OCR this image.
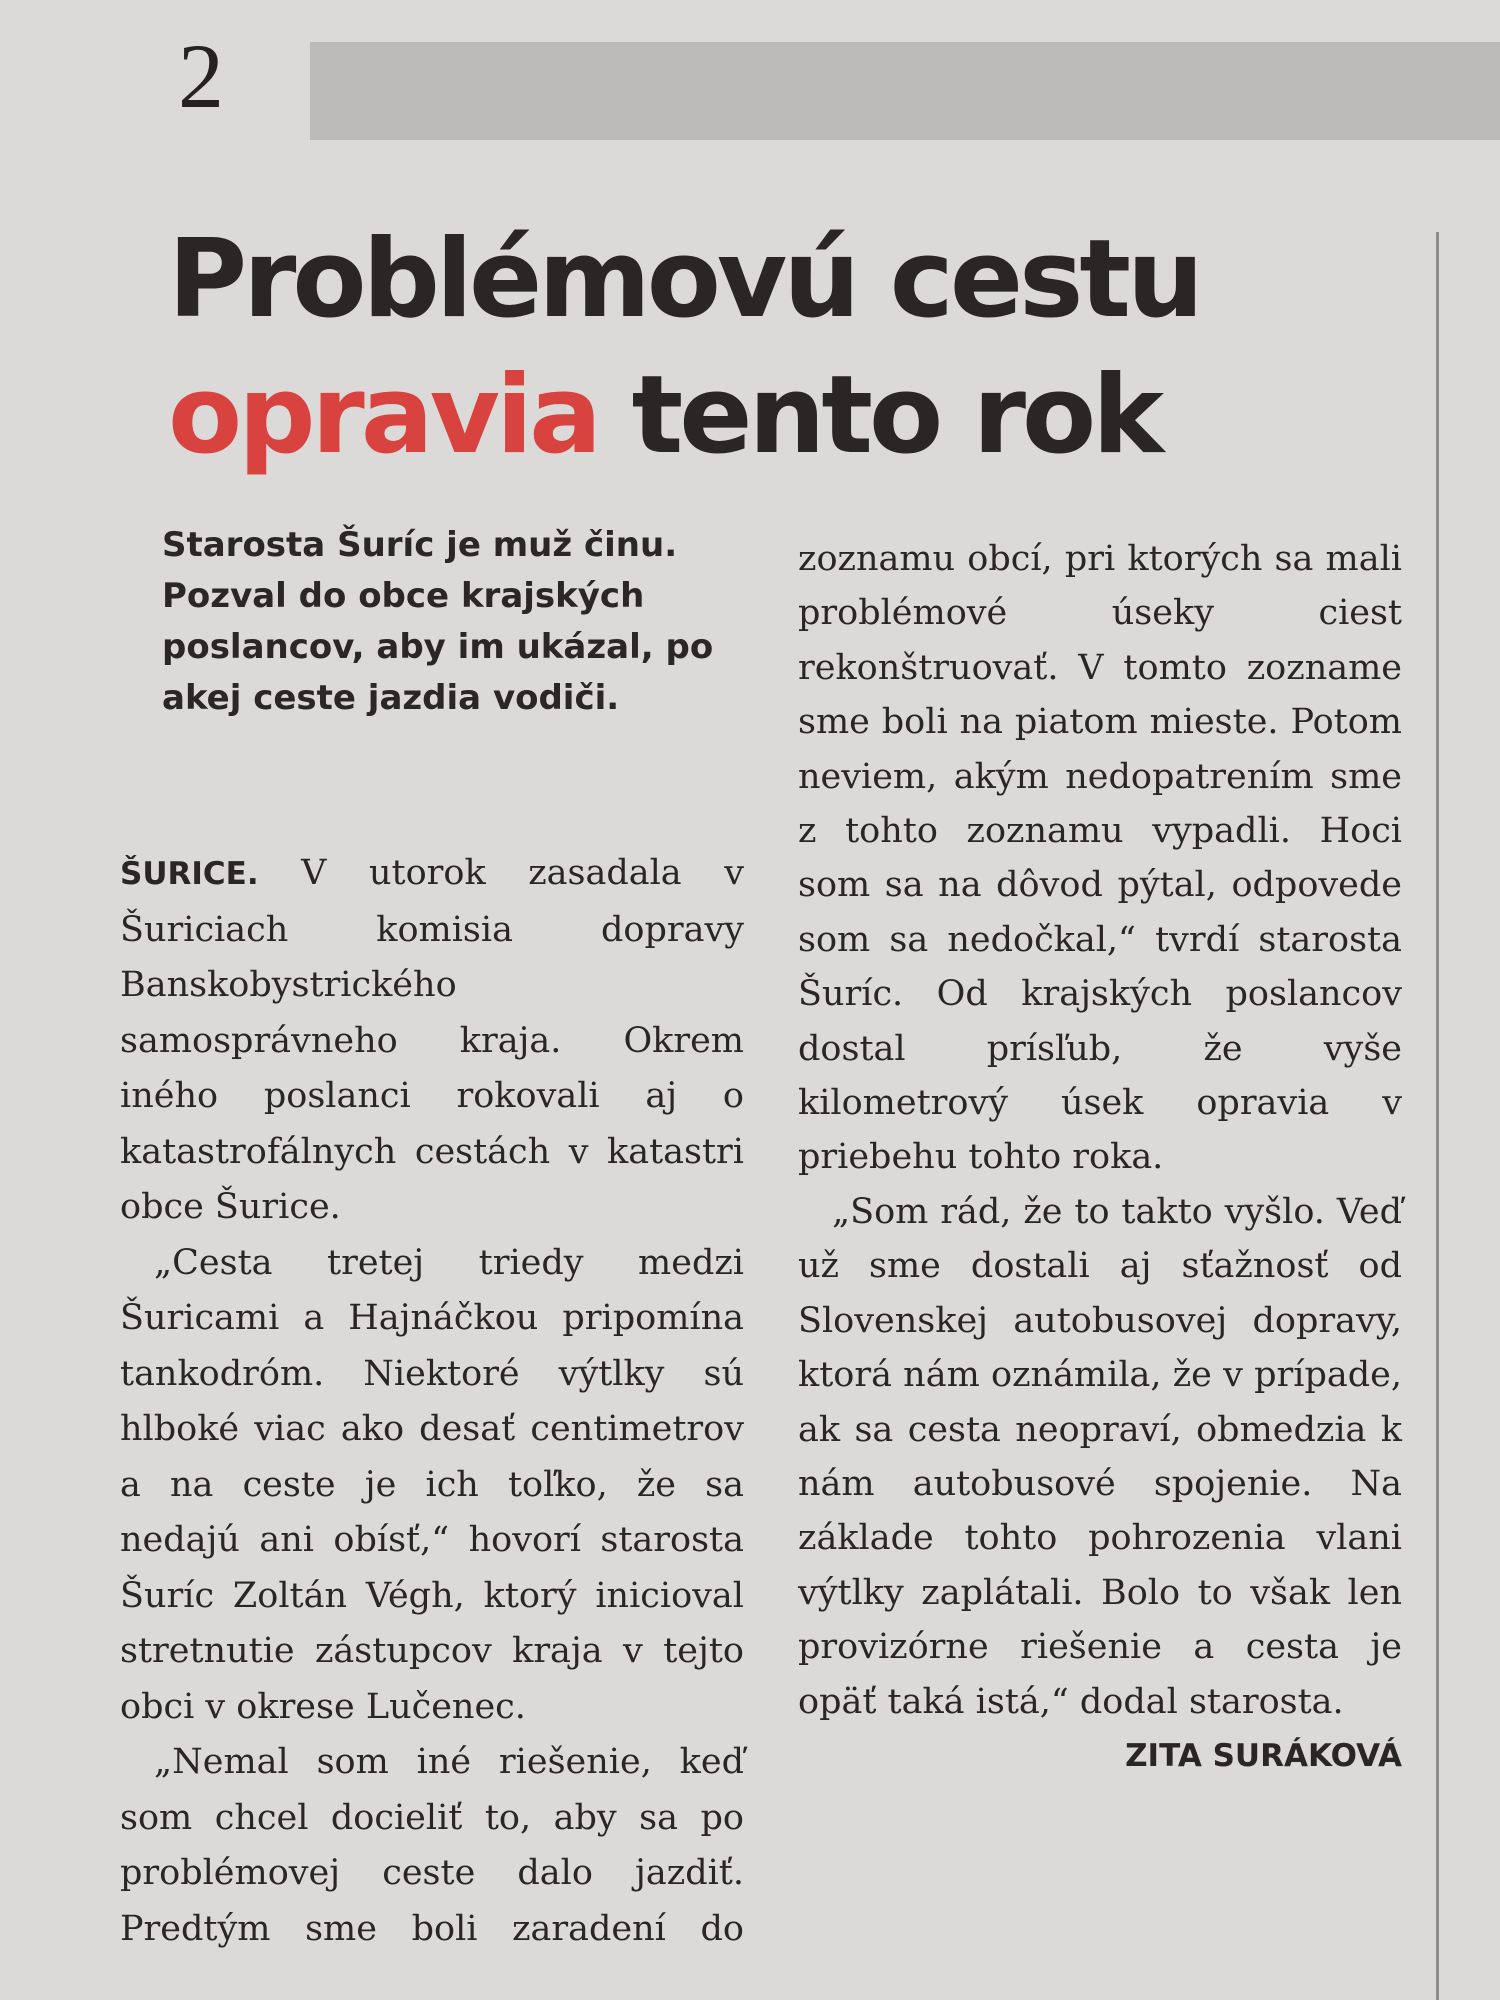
2
Problémovú cestu
opravia tento rok

Starosta Šuríc je muž činu. Pozval do obce krajských poslancov, aby im ukázal, po akej ceste jazdia vodiči.

ŠURICE. V utorok zasadala v Šuriciach komisia dopravy Banskobystrického samosprávneho kraja. Okrem iného poslanci rokovali aj o katastrofálnych cestách v katastri obce Šurice.

„Cesta tretej triedy medzi Šuricami a Hajnáčkou pripomína tankodróm. Niektoré výtlky sú hlboké viac ako desať centimetrov a na ceste je ich toľko, že sa nedajú ani obísť,“ hovorí starosta Šuríc Zoltán Végh, ktorý inicioval stretnutie zástupcov kraja v tejto obci v okrese Lučenec.

„Nemal som iné riešenie, keď som chcel docieliť to, aby sa po problémovej ceste dalo jazdiť. Predtým sme boli zaradení do

zoznamu obcí, pri ktorých sa mali problémové úseky ciest rekonštruovať. V tomto zozname sme boli na piatom mieste. Potom neviem, akým nedopatrením sme z tohto zoznamu vypadli. Hoci som sa na dôvod pýtal, odpovede som sa nedočkal,“ tvrdí starosta Šuríc. Od krajských poslancov dostal prísľub, že vyše kilometrový úsek opravia v priebehu tohto roka.

„Som rád, že to takto vyšlo. Veď už sme dostali aj sťažnosť od Slovenskej autobusovej dopravy, ktorá nám oznámila, že v prípade, ak sa cesta neopraví, obmedzia k nám autobusové spojenie. Na základe tohto pohrozenia vlani výtlky zaplátali. Bolo to však len provizórne riešenie a cesta je opäť taká istá,“ dodal starosta.
ZITA SURÁKOVÁ
